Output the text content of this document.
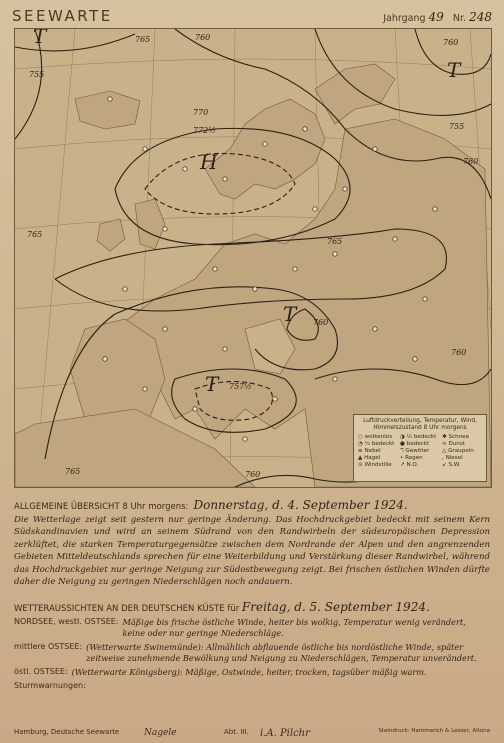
SEEWARTE	Jahrgang 49 Nr. 248
765	760
755
760
770
772½
765
760
755
765
760
757½
765	760
760
T
T
H
T
T
Luftdruckverteilung, Temperatur, Wind, Himmelszustand 8 Uhr morgens
○ wolkenlos	◑ ½ bedeckt	✱ Schnee
◔ ¼ bedeckt	● bedeckt	∞ Dunst
≡ Nebel	ℸ Gewitter	△ Graupeln
▲ Hagel	• Regen	, Niesel
⊙ Windstille	↗ N.O.	↙ S.W.
ALLGEMEINE ÜBERSICHT 8 Uhr morgens: Donnerstag, d. 4. September 1924.
Die Wetterlage zeigt seit gestern nur geringe Änderung. Das Hochdruckgebiet bedeckt mit seinem Kern Südskandinavien und wird an seinem Südrand von den Randwirbeln der südeuropäischen Depression zerklüftet, die starken Temperaturgegensätze zwischen dem Nordrande der Alpen und den angrenzenden Gebieten Mitteldeutschlands sprechen für eine Weiterbildung und Verstärkung dieser Randwirbel, während das Hochdruckgebiet nur geringe Neigung zur Südostbewegung zeigt. Bei frischen östlichen Winden dürfte daher die Neigung zu geringen Niederschlägen noch andauern.
WETTERAUSSICHTEN AN DER DEUTSCHEN KÜSTE für Freitag, d. 5. September 1924.
NORDSEE, westl. OSTSEE: Mäßige bis frische östliche Winde, heiter bis wolkig, Temperatur wenig verändert, keine oder nur geringe Niederschläge.
mittlere OSTSEE: (Wetterwarte Swinemünde): Allmählich abflauende östliche bis nordöstliche Winde, später zeitweise zunehmende Bewölkung und Neigung zu Niederschlägen, Temperatur unverändert.
östl. OSTSEE: (Wetterwarte Königsberg): Mäßige, Ostwinde, heiter, trocken, tagsüber mäßig warm.
Sturmwarnungen:
Hamburg, Deutsche Seewarte	Nagele	Abt. III. i.A. Pilchr	Steindruck: Hammerich & Lesser, Altona
